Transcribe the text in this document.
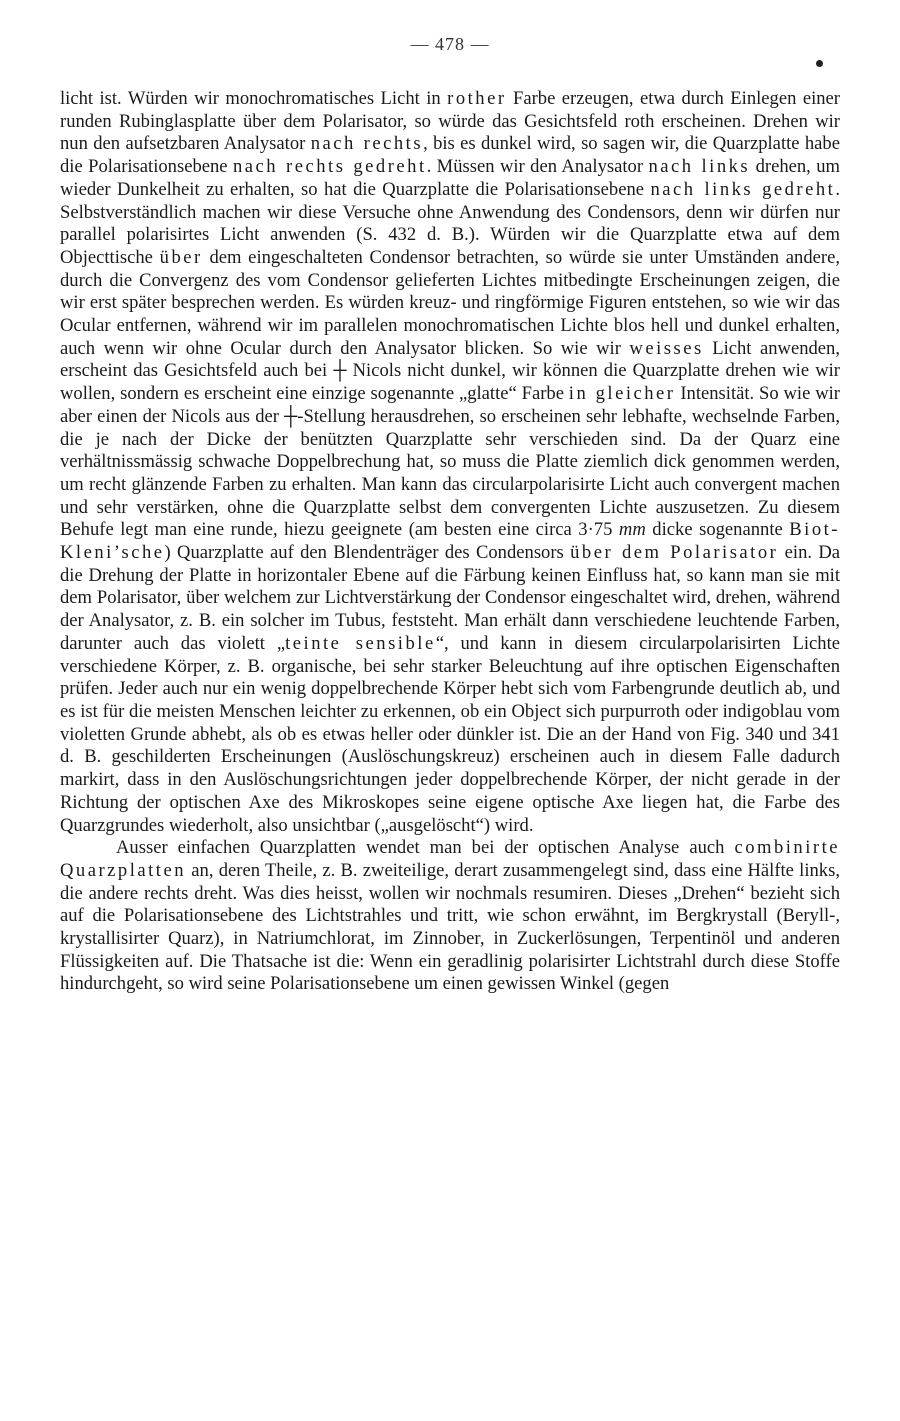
— 478 —

licht ist. Würden wir monochromatisches Licht in rother Farbe erzeugen, etwa durch Einlegen einer runden Rubinglasplatte über dem Polarisator, so würde das Gesichtsfeld roth erscheinen. Drehen wir nun den aufsetzbaren Analysator nach rechts, bis es dunkel wird, so sagen wir, die Quarzplatte habe die Polarisationsebene nach rechts gedreht. Müssen wir den Analysator nach links drehen, um wieder Dunkelheit zu erhalten, so hat die Quarzplatte die Polarisationsebene nach links gedreht. Selbstverständlich machen wir diese Versuche ohne Anwendung des Condensors, denn wir dürfen nur parallel polarisirtes Licht anwenden (S. 432 d. B.). Würden wir die Quarzplatte etwa auf dem Objecttische über dem eingeschalteten Condensor betrachten, so würde sie unter Umständen andere, durch die Convergenz des vom Condensor gelieferten Lichtes mitbedingte Erscheinungen zeigen, die wir erst später besprechen werden. Es würden kreuz- und ringförmige Figuren entstehen, so wie wir das Ocular entfernen, während wir im parallelen monochromatischen Lichte blos hell und dunkel erhalten, auch wenn wir ohne Ocular durch den Analysator blicken. So wie wir weisses Licht anwenden, erscheint das Gesichtsfeld auch bei ┼ Nicols nicht dunkel, wir können die Quarzplatte drehen wie wir wollen, sondern es erscheint eine einzige sogenannte „glatte“ Farbe in gleicher Intensität. So wie wir aber einen der Nicols aus der ┼-Stellung herausdrehen, so erscheinen sehr lebhafte, wechselnde Farben, die je nach der Dicke der benützten Quarzplatte sehr verschieden sind. Da der Quarz eine verhältnissmässig schwache Doppelbrechung hat, so muss die Platte ziemlich dick genommen werden, um recht glänzende Farben zu erhalten. Man kann das circularpolarisirte Licht auch convergent machen und sehr verstärken, ohne die Quarzplatte selbst dem convergenten Lichte auszusetzen. Zu diesem Behufe legt man eine runde, hiezu geeignete (am besten eine circa 3·75 mm dicke sogenannte Biot-Kleni’sche) Quarzplatte auf den Blendenträger des Condensors über dem Polarisator ein. Da die Drehung der Platte in horizontaler Ebene auf die Färbung keinen Einfluss hat, so kann man sie mit dem Polarisator, über welchem zur Lichtverstärkung der Condensor eingeschaltet wird, drehen, während der Analysator, z. B. ein solcher im Tubus, feststeht. Man erhält dann verschiedene leuchtende Farben, darunter auch das violett „teinte sensible“, und kann in diesem circularpolarisirten Lichte verschiedene Körper, z. B. organische, bei sehr starker Beleuchtung auf ihre optischen Eigenschaften prüfen. Jeder auch nur ein wenig doppelbrechende Körper hebt sich vom Farbengrunde deutlich ab, und es ist für die meisten Menschen leichter zu erkennen, ob ein Object sich purpurroth oder indigoblau vom violetten Grunde abhebt, als ob es etwas heller oder dünkler ist. Die an der Hand von Fig. 340 und 341 d. B. geschilderten Erscheinungen (Auslöschungskreuz) erscheinen auch in diesem Falle dadurch markirt, dass in den Auslöschungsrichtungen jeder doppelbrechende Körper, der nicht gerade in der Richtung der optischen Axe des Mikroskopes seine eigene optische Axe liegen hat, die Farbe des Quarzgrundes wiederholt, also unsichtbar („ausgelöscht“) wird.

Ausser einfachen Quarzplatten wendet man bei der optischen Analyse auch combinirte Quarzplatten an, deren Theile, z. B. zweiteilige, derart zusammengelegt sind, dass eine Hälfte links, die andere rechts dreht. Was dies heisst, wollen wir nochmals resumiren. Dieses „Drehen“ bezieht sich auf die Polarisationsebene des Lichtstrahles und tritt, wie schon erwähnt, im Bergkrystall (Beryll-, krystallisirter Quarz), in Natriumchlorat, im Zinnober, in Zuckerlösungen, Terpentinöl und anderen Flüssigkeiten auf. Die Thatsache ist die: Wenn ein geradlinig polarisirter Lichtstrahl durch diese Stoffe hindurchgeht, so wird seine Polarisationsebene um einen gewissen Winkel (gegen
